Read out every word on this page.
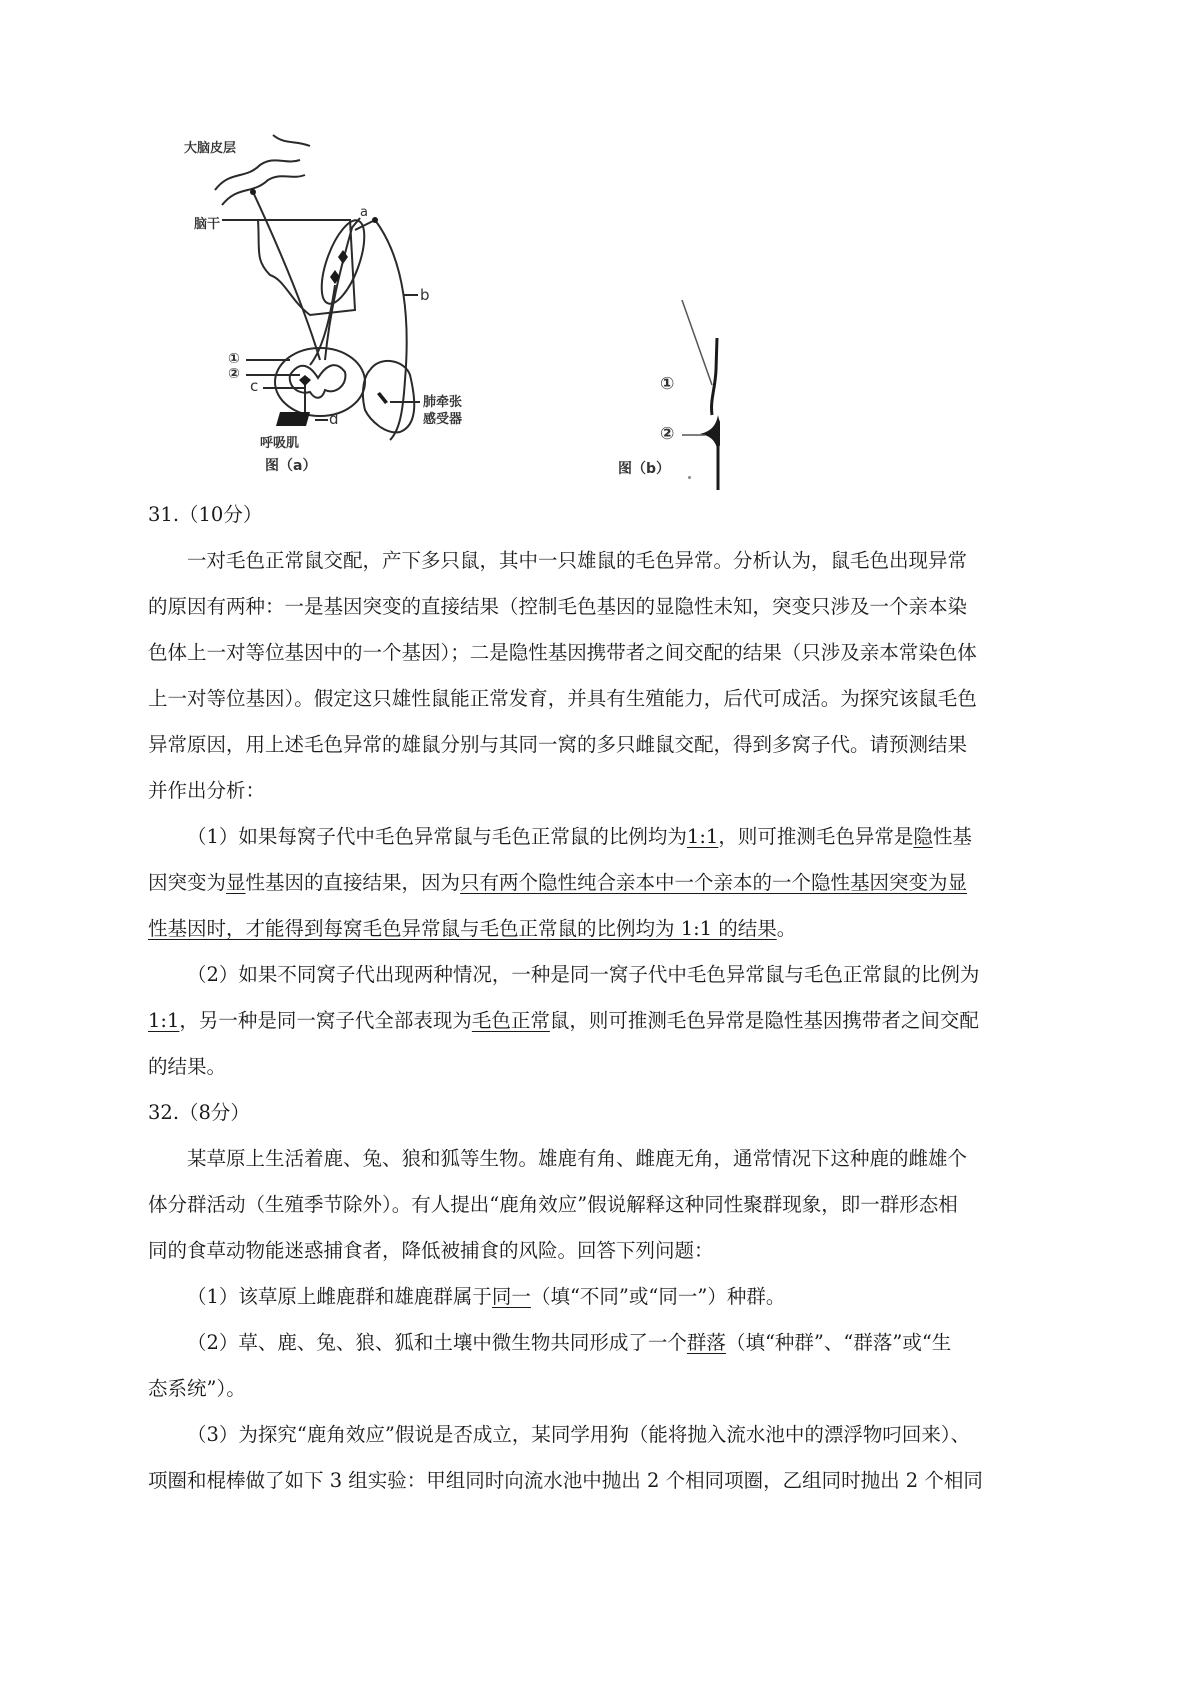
大脑皮层
脑干
a
b
①
②
c
d
肺牵张
感受器
呼吸肌
图（a）
①
②
图（b）
31.（10分）
一对毛色正常鼠交配，产下多只鼠，其中一只雄鼠的毛色异常。分析认为，鼠毛色出现异常
的原因有两种：一是基因突变的直接结果（控制毛色基因的显隐性未知，突变只涉及一个亲本染
色体上一对等位基因中的一个基因）；二是隐性基因携带者之间交配的结果（只涉及亲本常染色体
上一对等位基因）。假定这只雄性鼠能正常发育，并具有生殖能力，后代可成活。为探究该鼠毛色
异常原因，用上述毛色异常的雄鼠分别与其同一窝的多只雌鼠交配，得到多窝子代。请预测结果
并作出分析：
（1）如果每窝子代中毛色异常鼠与毛色正常鼠的比例均为1:1，则可推测毛色异常是隐性基
因突变为显性基因的直接结果，因为只有两个隐性纯合亲本中一个亲本的一个隐性基因突变为显
性基因时，才能得到每窝毛色异常鼠与毛色正常鼠的比例均为 1:1 的结果。
（2）如果不同窝子代出现两种情况，一种是同一窝子代中毛色异常鼠与毛色正常鼠的比例为
1:1，另一种是同一窝子代全部表现为毛色正常鼠，则可推测毛色异常是隐性基因携带者之间交配
的结果。
32.（8分）
某草原上生活着鹿、兔、狼和狐等生物。雄鹿有角、雌鹿无角，通常情况下这种鹿的雌雄个
体分群活动（生殖季节除外）。有人提出“鹿角效应”假说解释这种同性聚群现象，即一群形态相
同的食草动物能迷惑捕食者，降低被捕食的风险。回答下列问题：
（1）该草原上雌鹿群和雄鹿群属于同一（填“不同”或“同一”）种群。
（2）草、鹿、兔、狼、狐和土壤中微生物共同形成了一个群落（填“种群”、“群落”或“生
态系统”）。
（3）为探究“鹿角效应”假说是否成立，某同学用狗（能将抛入流水池中的漂浮物叼回来）、
项圈和棍棒做了如下 3 组实验：甲组同时向流水池中抛出 2 个相同项圈，乙组同时抛出 2 个相同
